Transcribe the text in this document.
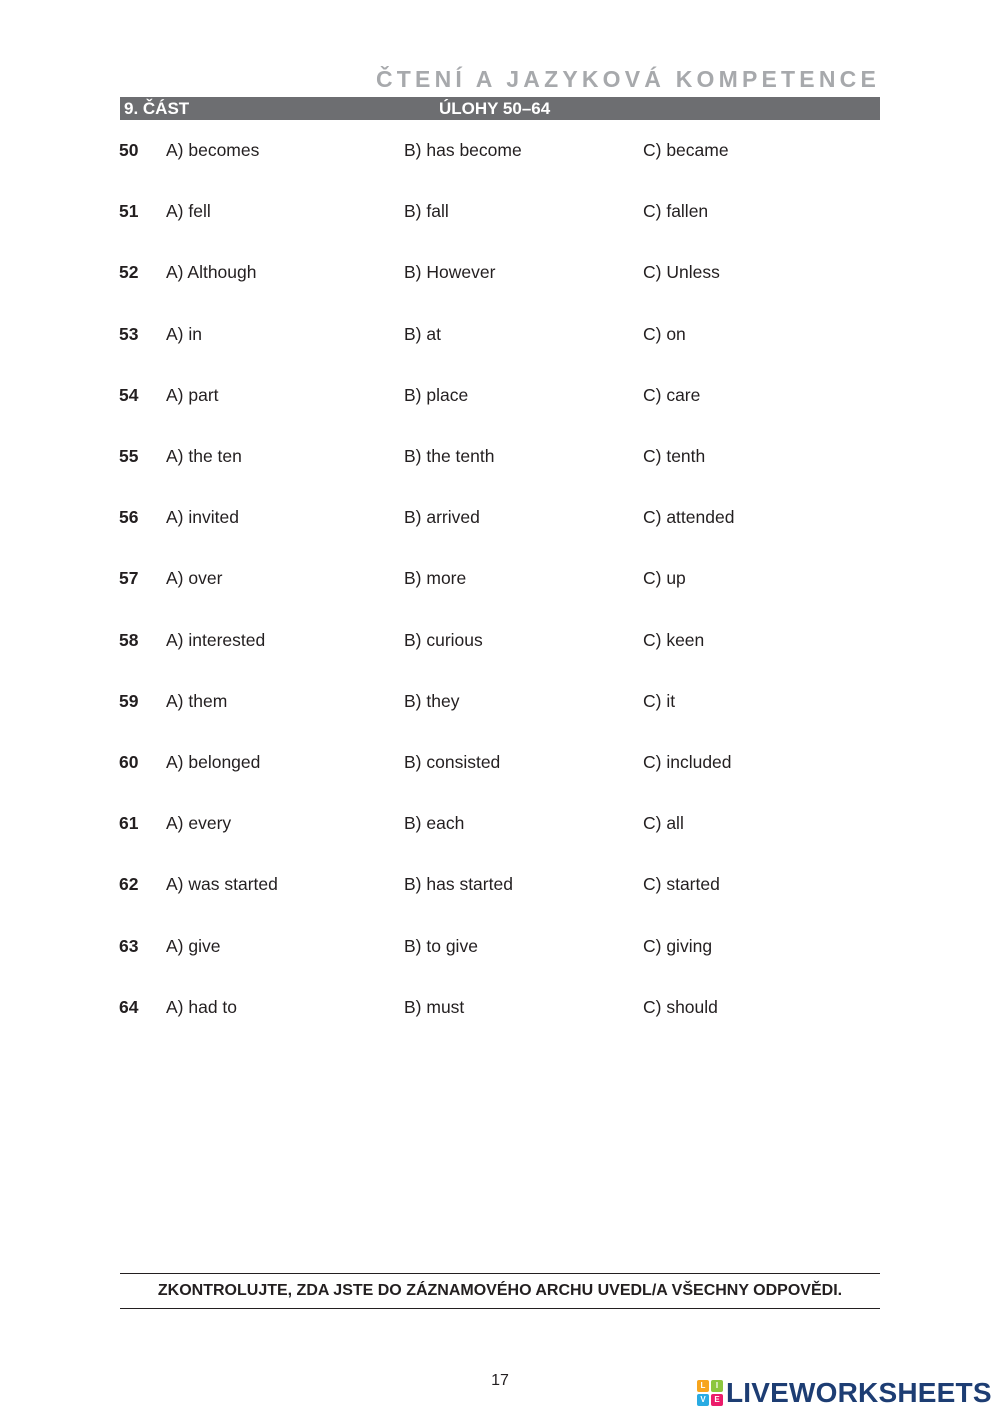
ČTENÍ A JAZYKOVÁ KOMPETENCE
9. ČÁST	ÚLOHY 50–64
50 A) becomes	B) has become	C) became
51 A) fell	B) fall	C) fallen
52 A) Although	B) However	C) Unless
53 A) in	B) at	C) on
54 A) part	B) place	C) care
55 A) the ten	B) the tenth	C) tenth
56 A) invited	B) arrived	C) attended
57 A) over	B) more	C) up
58 A) interested	B) curious	C) keen
59 A) them	B) they	C) it
60 A) belonged	B) consisted	C) included
61 A) every	B) each	C) all
62 A) was started	B) has started	C) started
63 A) give	B) to give	C) giving
64 A) had to	B) must	C) should
ZKONTROLUJTE, ZDA JSTE DO ZÁZNAMOVÉHO ARCHU UVEDL/A VŠECHNY ODPOVĚDI.
17	L	I
V	E LIVEWORKSHEETS
